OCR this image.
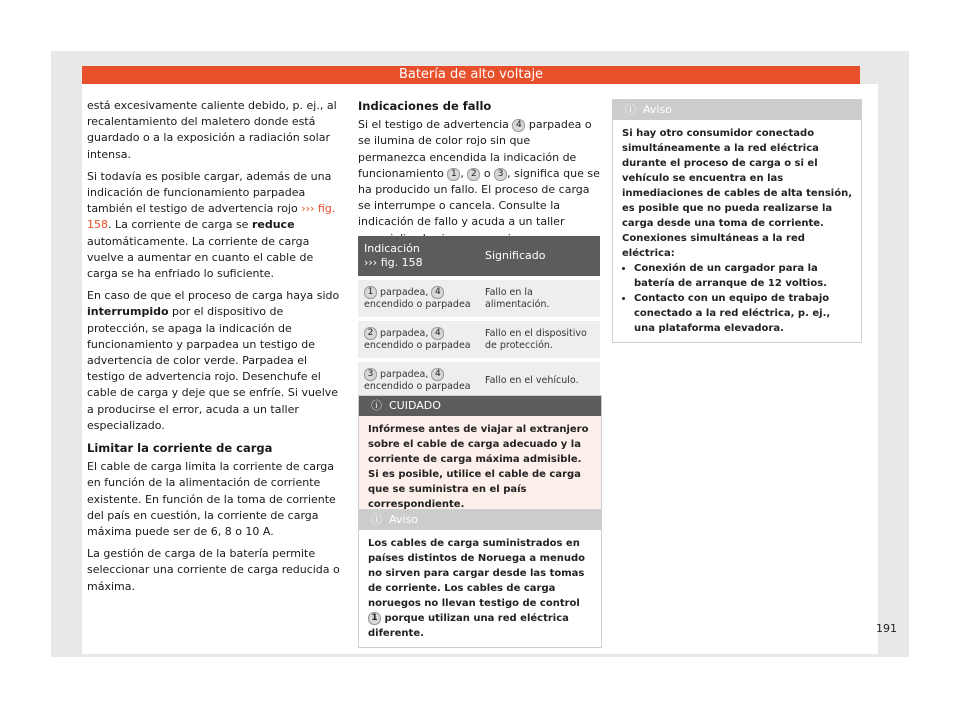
Batería de alto voltaje

está excesivamente caliente debido, p. ej., al recalentamiento del maletero donde está guardado o a la exposición a radiación solar intensa.

Si todavía es posible cargar, además de una indicación de funcionamiento parpadea también el testigo de advertencia rojo ››› fig. 158. La corriente de carga se reduce automáticamente. La corriente de carga vuelve a aumentar en cuanto el cable de carga se ha enfriado lo suficiente.

En caso de que el proceso de carga haya sido interrumpido por el dispositivo de protección, se apaga la indicación de funcionamiento y parpadea un testigo de advertencia de color verde. Parpadea el testigo de advertencia rojo. Desenchufe el cable de carga y deje que se enfríe. Si vuelve a producirse el error, acuda a un taller especializado.

Limitar la corriente de carga

El cable de carga limita la corriente de carga en función de la alimentación de corriente existente. En función de la toma de corriente del país en cuestión, la corriente de carga máxima puede ser de 6, 8 o 10 A.

La gestión de carga de la batería permite seleccionar una corriente de carga reducida o máxima.

Indicaciones de fallo

Si el testigo de advertencia 4 parpadea o se ilumina de color rojo sin que permanezca encendida la indicación de funcionamiento 1 , 2 o 3 , significa que se ha producido un fallo. El proceso de carga se interrumpe o cancela. Consulte la indicación de fallo y acuda a un taller

Indicación
››› fig. 158	Significado
1 parpadea, 4 encendido o parpadea	Fallo en la alimentación.
2 parpadea, 4 encendido o parpadea	Fallo en el dispositivo de protección.
3 parpadea, 4 encendido o parpadea	Fallo en el vehículo.
ⓘ CUIDADO
Infórmese antes de viajar al extranjero sobre el cable de carga adecuado y la corriente de carga máxima admisible. Si es posible, utilice el cable de carga que se suministra en el país correspondiente.
ⓘ Aviso
Los cables de carga suministrados en países distintos de Noruega a menudo no sirven para cargar desde las tomas de corriente. Los cables de carga noruegos no llevan testigo de control 1 porque utilizan una red eléctrica diferente.
ⓘ Aviso
Si hay otro consumidor conectado simultáneamente a la red eléctrica durante el proceso de carga o si el vehículo se encuentra en las inmediaciones de cables de alta tensión, es posible que no pueda realizarse la carga desde una toma de corriente. Conexiones simultáneas a la red eléctrica:
• Conexión de un cargador para la batería de arranque de 12 voltios.
• Contacto con un equipo de trabajo conectado a la red eléctrica, p. ej., una plataforma elevadora.
191
